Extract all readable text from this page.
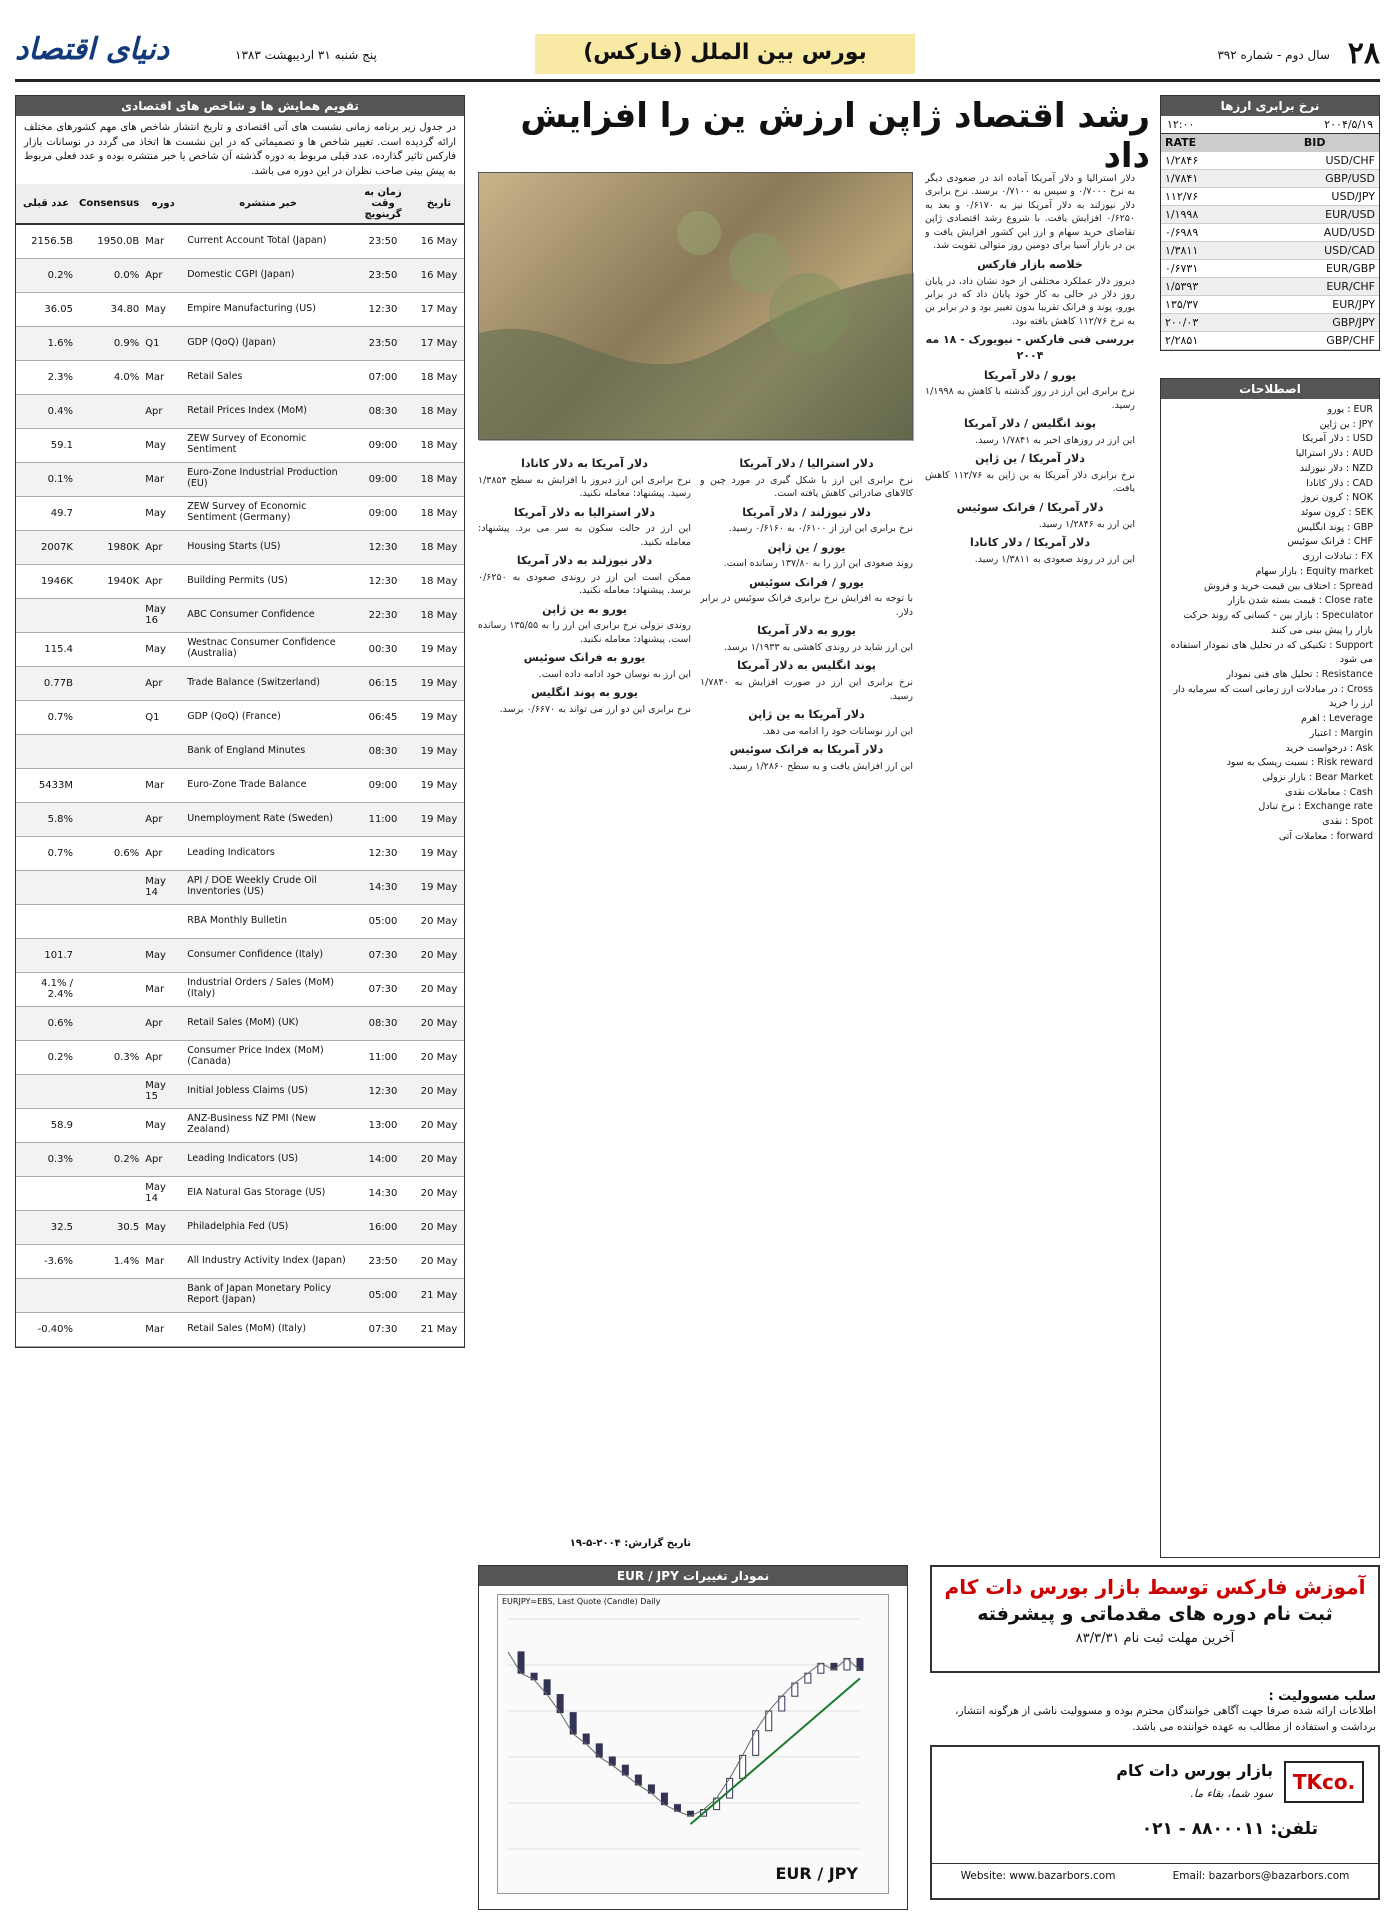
۲۸
سال دوم - شماره ۳۹۲
بورس بین الملل (فارکس)
پنج شنبه ۳۱ اردیبهشت ۱۳۸۳
دنیای اقتصاد
نرخ برابری ارزها
۱۲:۰۰	۲۰۰۴/۵/۱۹
RATE	BID
۱/۲۸۴۶	USD/CHF
۱/۷۸۴۱	GBP/USD
۱۱۲/۷۶	USD/JPY
۱/۱۹۹۸	EUR/USD
۰/۶۹۸۹	AUD/USD
۱/۳۸۱۱	USD/CAD
۰/۶۷۳۱	EUR/GBP
۱/۵۳۹۳	EUR/CHF
۱۳۵/۳۷	EUR/JPY
۲۰۰/۰۳	GBP/JPY
۲/۲۸۵۱	GBP/CHF
اصطلاحات
EUR : یورو
JPY : ین ژاپن
USD : دلار آمریکا
AUD : دلار استرالیا
NZD : دلار نیوزلند
CAD : دلار کانادا
NOK : کرون نروژ
SEK : کرون سوئد
GBP : پوند انگلیس
CHF : فرانک سوئیس
FX : تبادلات ارزی
Equity market : بازار سهام
Spread : اختلاف بین قیمت خرید و فروش
Close rate : قیمت بسته شدن بازار
Speculator : بازار بین - کسانی که روند حرکت بازار را پیش بینی می کنند
Support : تکنیکی که در تحلیل های نمودار استفاده می شود
Resistance : تحلیل های فنی نمودار
Cross : در مبادلات ارز زمانی است که سرمایه دار ارز را خرید
Leverage : اهرم
Margin : اعتبار
Ask : درخواست خرید
Risk reward : نسبت ریسک به سود
Bear Market : بازار نزولی
Cash : معاملات نقدی
Exchange rate : نرخ تبادل
Spot : نقدی
forward : معاملات آتی
رشد اقتصاد ژاپن ارزش ین را افزایش داد

دلار استرالیا و دلار آمریکا آماده اند در صعودی دیگر به نرخ ۰/۷۰۰۰ و سپس به ۰/۷۱۰۰ برسند. نرخ برابری دلار نیوزلند به دلار آمریکا نیز به ۰/۶۱۷۰ و بعد به ۰/۶۲۵۰ افزایش یافت. با شروع رشد اقتصادی ژاپن تقاضای خرید سهام و ارز این کشور افزایش یافت و ین در بازار آسیا برای دومین روز متوالی تقویت شد.

خلاصه بازار فارکس

دیروز دلار عملکرد مختلفی از خود نشان داد، در پایان روز دلار در حالی به کار خود پایان داد که در برابر یورو، پوند و فرانک تقریبا بدون تغییر بود و در برابر ین به نرخ ۱۱۲/۷۶ کاهش یافته بود.

بررسی فنی فارکس - نیویورک - ۱۸ مه ۲۰۰۴
یورو / دلار آمریکا

نرخ برابری این ارز در روز گذشته با کاهش به ۱/۱۹۹۸ رسید.

پوند انگلیس / دلار آمریکا

این ارز در روزهای اخیر به ۱/۷۸۴۱ رسید.

دلار آمریکا / ین ژاپن

نرخ برابری دلار آمریکا به ین ژاپن به ۱۱۲/۷۶ کاهش یافت.

دلار آمریکا / فرانک سوئیس

این ارز به ۱/۲۸۴۶ رسید.

دلار آمریکا / دلار کانادا

این ارز در روند صعودی به ۱/۳۸۱۱ رسید.

دلار استرالیا / دلار آمریکا

نرخ برابری این ارز با شکل گیری در مورد چین و کالاهای صادراتی کاهش یافته است.

دلار نیوزلند / دلار آمریکا

نرخ برابری این ارز از ۰/۶۱۰۰ به ۰/۶۱۶۰ رسید.

یورو / ین ژاپن

روند صعودی این ارز را به ۱۳۷/۸۰ رسانده است.

یورو / فرانک سوئیس

با توجه به افزایش نرخ برابری فرانک سوئیس در برابر دلار.

یورو به دلار آمریکا

این ارز شاید در روندی کاهشی به ۱/۱۹۳۳ برسد.

پوند انگلیس به دلار آمریکا

نرخ برابری این ارز در صورت افزایش به ۱/۷۸۴۰ رسید.

دلار آمریکا به ین ژاپن

این ارز نوسانات خود را ادامه می دهد.

دلار آمریکا به فرانک سوئیس

این ارز افزایش یافت و به سطح ۱/۲۸۶۰ رسید.

دلار آمریکا به دلار کانادا

نرخ برابری این ارز دیروز با افزایش به سطح ۱/۳۸۵۴ رسید. پیشنهاد: معامله نکنید.

دلار استرالیا به دلار آمریکا

این ارز در حالت سکون به سر می برد. پیشنهاد: معامله نکنید.

دلار نیوزلند به دلار آمریکا

ممکن است این ارز در روندی صعودی به ۰/۶۲۵۰ برسد. پیشنهاد: معامله نکنید.

یورو به ین ژاپن

روندی نزولی نرخ برابری این ارز را به ۱۳۵/۵۵ رسانده است. پیشنهاد: معامله نکنید.

یورو به فرانک سوئیس

این ارز به نوسان خود ادامه داده است.

یورو به پوند انگلیس

نرخ برابری این دو ارز می تواند به ۰/۶۶۷۰ برسد.

تاریخ گزارش: ۲۰۰۴-۵-۱۹
نمودار تغییرات EUR / JPY
EURJPY=EBS, Last Quote (Candle) Daily
EUR / JPY
آموزش فارکس توسط بازار بورس دات کام
ثبت نام دوره های مقدماتی و پیشرفته
آخرین مهلت ثبت نام ۸۳/۳/۳۱
سلب مسوولیت :
اطلاعات ارائه شده صرفا جهت آگاهی خوانندگان محترم بوده و مسوولیت ناشی از هرگونه انتشار، برداشت و استفاده از مطالب به عهده خواننده می باشد.
TKco.
بازار بورس دات کام
سود شما، بقاء ما.
تلفن: ۸۸۰۰۰۱۱ - ۰۲۱
Website: www.bazarbors.com	Email: bazarbors@bazarbors.com
تقویم همایش ها و شاخص های اقتصادی
در جدول زیر برنامه زمانی نشست های آتی اقتصادی و تاریخ انتشار شاخص های مهم کشورهای مختلف ارائه گردیده است. تغییر شاخص ها و تصمیماتی که در این نشست ها اتخاذ می گردد در نوسانات بازار فارکس تاثیر گذارده، عدد قبلی مربوط به دوره گذشته آن شاخص یا خبر منتشره بوده و عدد فعلی مربوط به پیش بینی صاحب نظران در این دوره می باشد.
عدد قبلی	Consensus	دوره	خبر منتشره	زمان به وقت گرینویچ	تاریخ
2156.5B	1950.0B	Mar	Current Account Total (Japan)	23:50	16 May
0.2%	0.0%	Apr	Domestic CGPI (Japan)	23:50	16 May
36.05	34.80	May	Empire Manufacturing (US)	12:30	17 May
1.6%	0.9%	Q1	GDP (QoQ) (Japan)	23:50	17 May
2.3%	4.0%	Mar	Retail Sales	07:00	18 May
0.4%		Apr	Retail Prices Index (MoM)	08:30	18 May
59.1		May	ZEW Survey of Economic Sentiment	09:00	18 May
0.1%		Mar	Euro-Zone Industrial Production (EU)	09:00	18 May
49.7		May	ZEW Survey of Economic Sentiment (Germany)	09:00	18 May
2007K	1980K	Apr	Housing Starts (US)	12:30	18 May
1946K	1940K	Apr	Building Permits (US)	12:30	18 May
		May 16	ABC Consumer Confidence	22:30	18 May
115.4		May	Westnac Consumer Confidence (Australia)	00:30	19 May
0.77B		Apr	Trade Balance (Switzerland)	06:15	19 May
0.7%		Q1	GDP (QoQ) (France)	06:45	19 May
			Bank of England Minutes	08:30	19 May
5433M		Mar	Euro-Zone Trade Balance	09:00	19 May
5.8%		Apr	Unemployment Rate (Sweden)	11:00	19 May
0.7%	0.6%	Apr	Leading Indicators	12:30	19 May
		May 14	API / DOE Weekly Crude Oil Inventories (US)	14:30	19 May
			RBA Monthly Bulletin	05:00	20 May
101.7		May	Consumer Confidence (Italy)	07:30	20 May
4.1% / 2.4%		Mar	Industrial Orders / Sales (MoM) (Italy)	07:30	20 May
0.6%		Apr	Retail Sales (MoM) (UK)	08:30	20 May
0.2%	0.3%	Apr	Consumer Price Index (MoM) (Canada)	11:00	20 May
		May 15	Initial Jobless Claims (US)	12:30	20 May
58.9		May	ANZ-Business NZ PMI (New Zealand)	13:00	20 May
0.3%	0.2%	Apr	Leading Indicators (US)	14:00	20 May
		May 14	EIA Natural Gas Storage (US)	14:30	20 May
32.5	30.5	May	Philadelphia Fed (US)	16:00	20 May
-3.6%	1.4%	Mar	All Industry Activity Index (Japan)	23:50	20 May
			Bank of Japan Monetary Policy Report (Japan)	05:00	21 May
-0.40%		Mar	Retail Sales (MoM) (Italy)	07:30	21 May
